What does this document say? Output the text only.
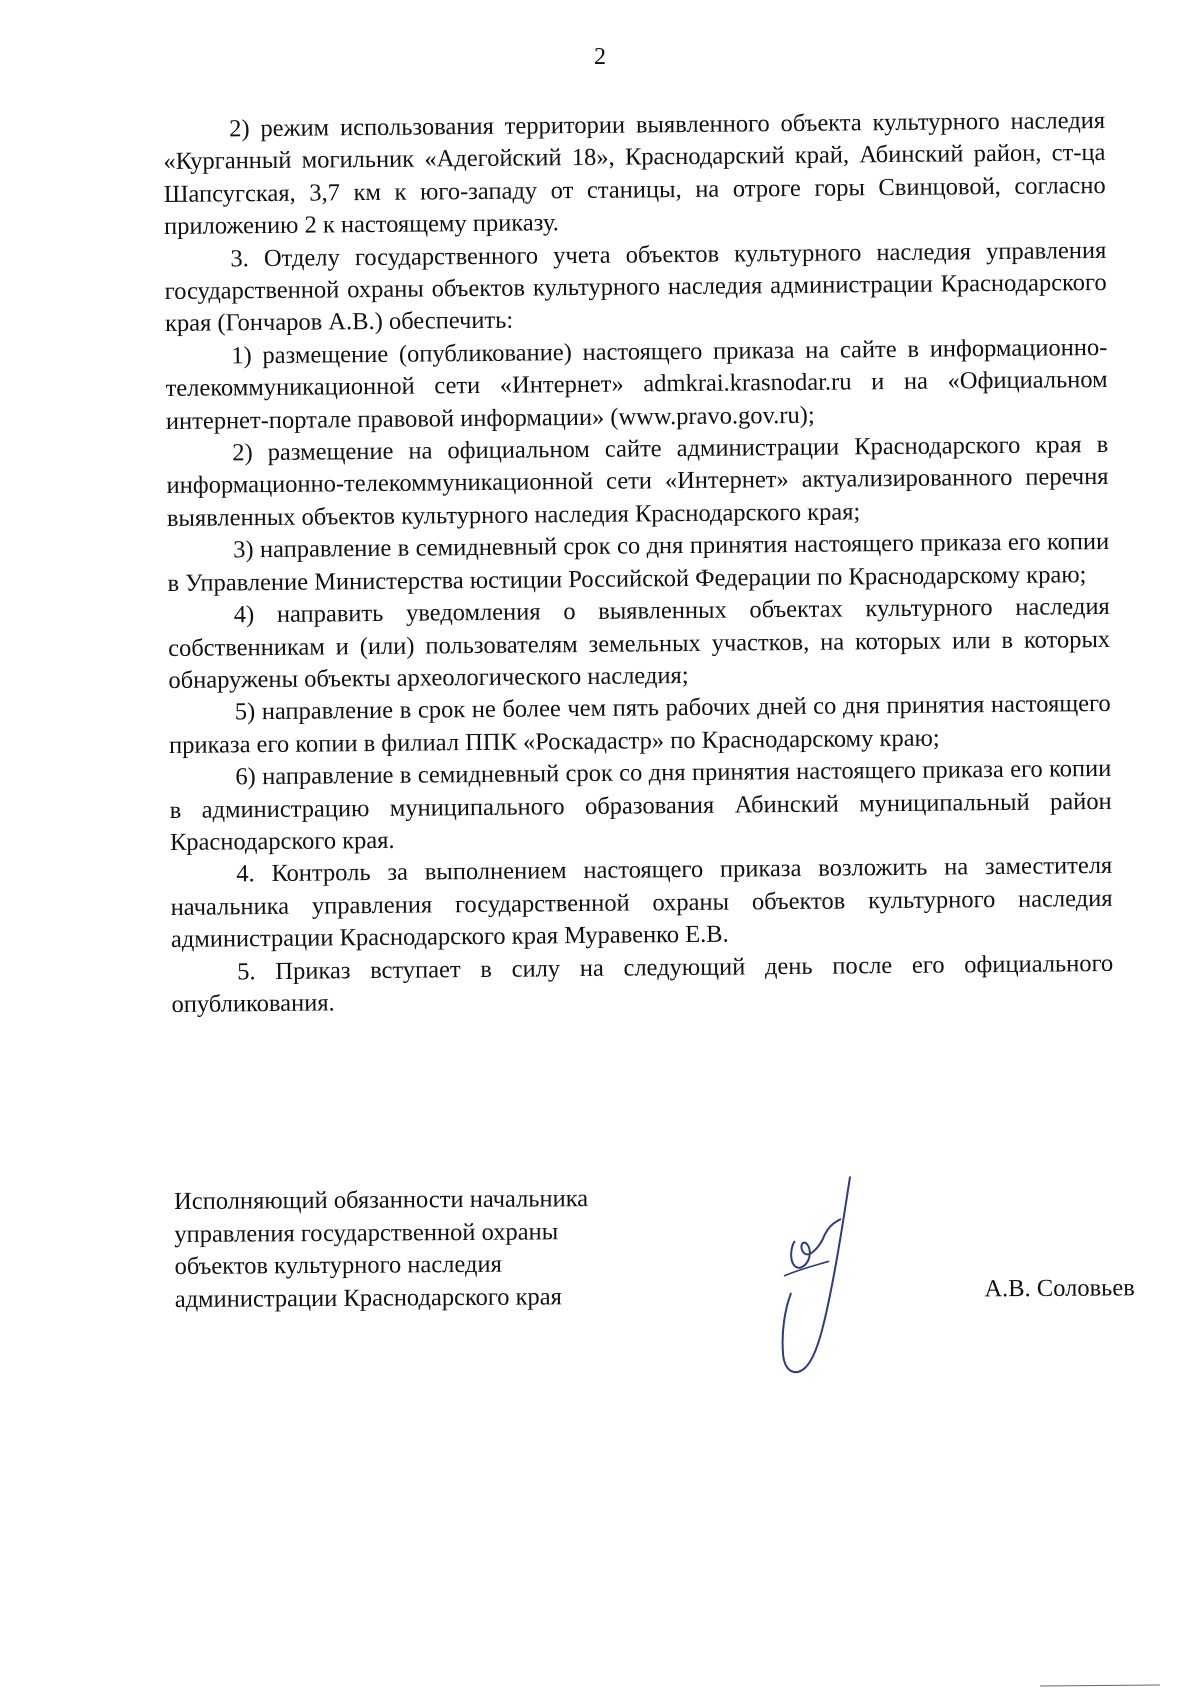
2

2) режим использования территории выявленного объекта культурного наследия «Курганный могильник «Адегойский 18», Краснодарский край, Абинский район, ст-ца Шапсугская, 3,7 км к юго-западу от станицы, на отроге горы Свинцовой, согласно приложению 2 к настоящему приказу.

3. Отделу государственного учета объектов культурного наследия управления государственной охраны объектов культурного наследия администрации Краснодарского края (Гончаров А.В.) обеспечить:

1) размещение (опубликование) настоящего приказа на сайте в информационно-телекоммуникационной сети «Интернет» admkrai.krasnodar.ru и на «Официальном интернет-портале правовой информации» (www.pravo.gov.ru);

2) размещение на официальном сайте администрации Краснодарского края в информационно-телекоммуникационной сети «Интернет» актуализированного перечня выявленных объектов культурного наследия Краснодарского края;

3) направление в семидневный срок со дня принятия настоящего приказа его копии в Управление Министерства юстиции Российской Федерации по Краснодарскому краю;

4) направить уведомления о выявленных объектах культурного наследия собственникам и (или) пользователям земельных участков, на которых или в которых обнаружены объекты археологического наследия;

5) направление в срок не более чем пять рабочих дней со дня принятия настоящего приказа его копии в филиал ППК «Роскадастр» по Краснодарскому краю;

6) направление в семидневный срок со дня принятия настоящего приказа его копии в администрацию муниципального образования Абинский муниципальный район Краснодарского края.

4. Контроль за выполнением настоящего приказа возложить на заместителя начальника управления государственной охраны объектов культурного наследия администрации Краснодарского края Муравенко Е.В.

5. Приказ вступает в силу на следующий день после его официального опубликования.

Исполняющий обязанности начальника
управления государственной охраны
объектов культурного наследия
администрации Краснодарского края	А.В. Соловьев
